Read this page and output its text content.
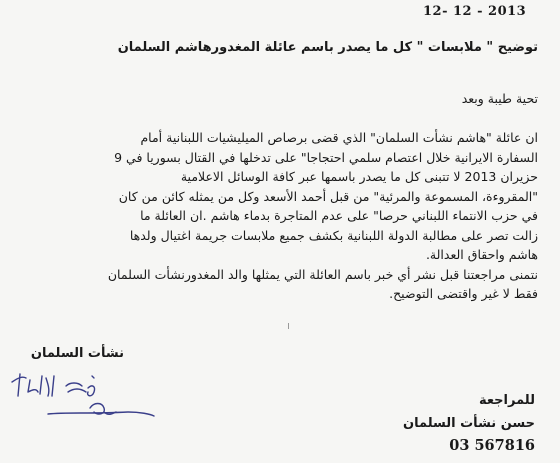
12- 12 - 2013
توضيح " ملابسات " كل ما يصدر باسم عائلة المغدورهاشم السلمان
تحية طيبة وبعد

ان عائلة "هاشم نشأت السلمان" الذي قضى برصاص الميليشيات اللبنانية أمام

السفارة الايرانية خلال اعتصام سلمي احتجاجا" على تدخلها في القتال بسوريا في 9

حزيران 2013 لا تتبنى كل ما يصدر باسمها عبر كافة الوسائل الاعلامية

"المقروءة، المسموعة والمرئية" من قبل أحمد الأسعد وكل من يمثله كائن من كان

في حزب الانتماء اللبناني حرصا" على عدم المتاجرة بدماء هاشم .ان العائلة ما

زالت تصر على مطالبة الدولة اللبنانية بكشف جميع ملابسات جريمة اغتيال ولدها

هاشم واحقاق العدالة.

نتمنى مراجعتنا قبل نشر أي خبر باسم العائلة التي يمثلها والد المغدورنشأت السلمان

فقط لا غير واقتضى التوضيح.

نشأت السلمان
للمراجعة
حسن نشأت السلمان
03 567816
